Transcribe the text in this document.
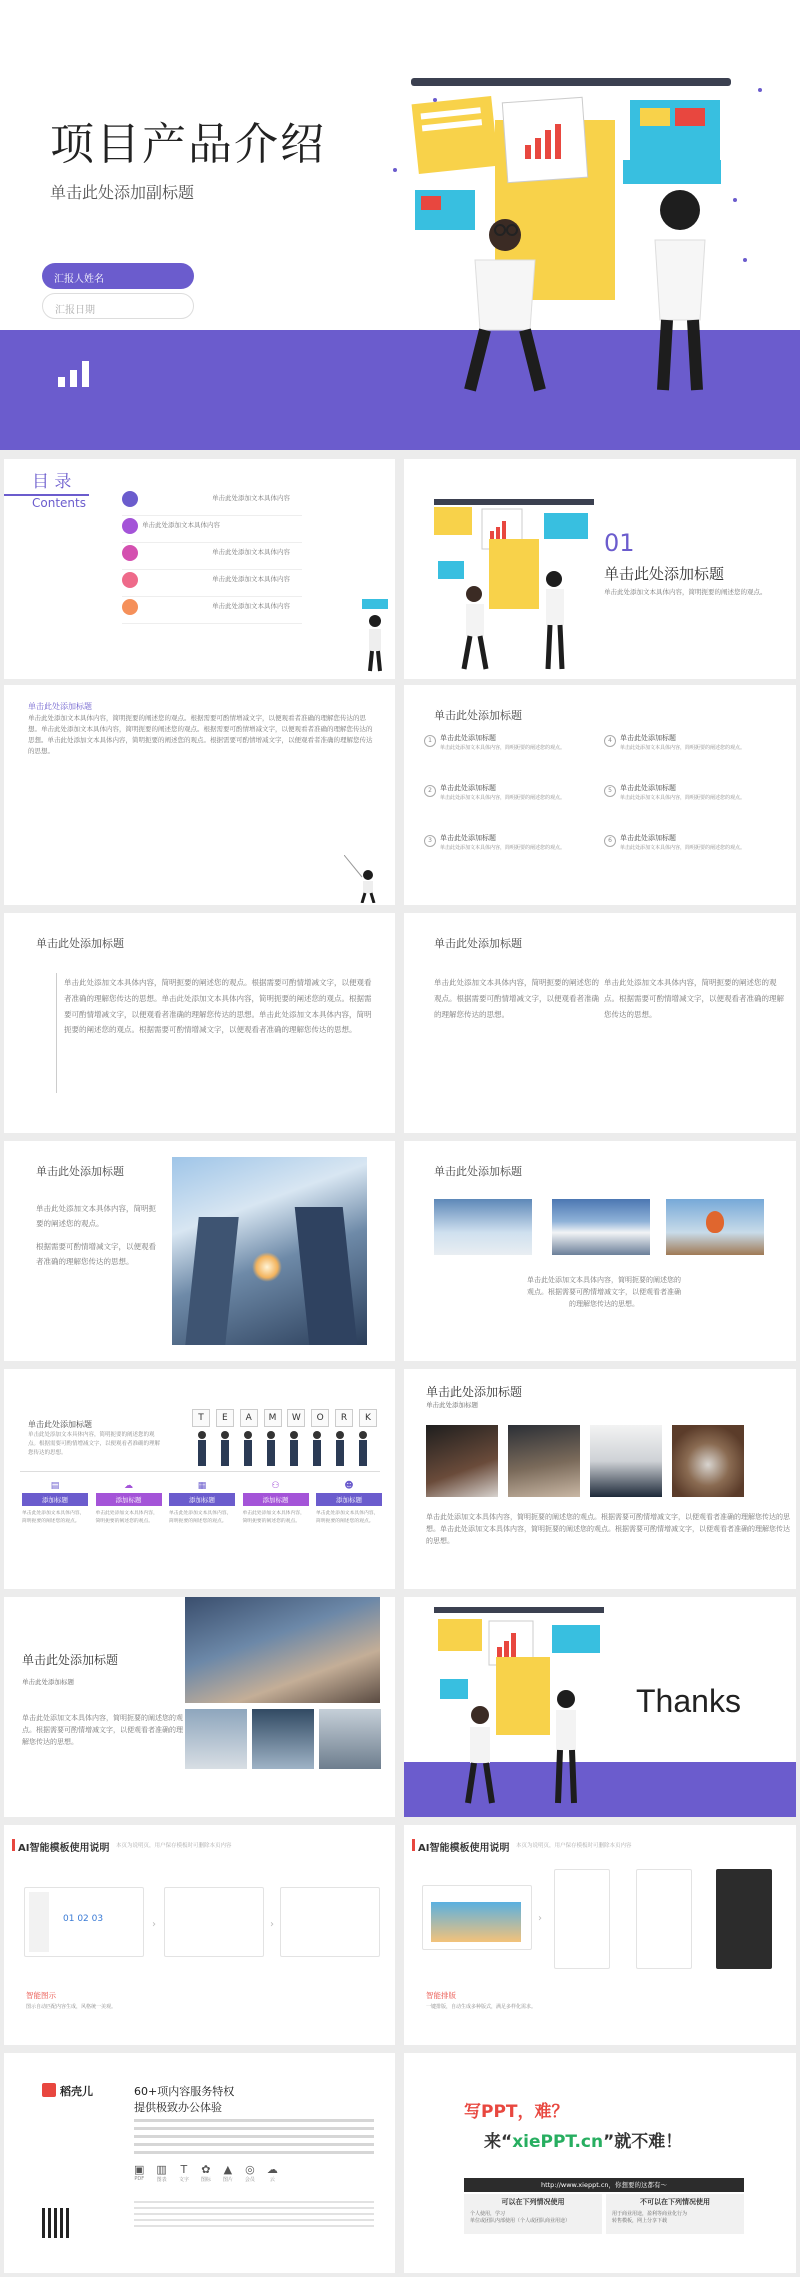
项目产品介绍
单击此处添加副标题
汇报人姓名
汇报日期
目 录
Contents	单击此处添加文本具体内容
单击此处添加文本具体内容
单击此处添加文本具体内容
单击此处添加文本具体内容
单击此处添加文本具体内容
01
单击此处添加标题
单击此处添加文本具体内容，简明扼要的阐述您的观点。
单击此处添加标题
单击此处添加文本具体内容，简明扼要的阐述您的观点。根据需要可酌情增减文字，以便观看者准确的理解您传达的思想。单击此处添加文本具体内容，简明扼要的阐述您的观点。根据需要可酌情增减文字，以便观看者准确的理解您传达的思想。单击此处添加文本具体内容，简明扼要的阐述您的观点。根据需要可酌情增减文字，以便观看者准确的理解您传达的思想。
单击此处添加标题
1	单击此处添加标题
单击此处添加文本具体内容，简明扼要的阐述您的观点。
2	单击此处添加标题
单击此处添加文本具体内容，简明扼要的阐述您的观点。
3	单击此处添加标题
单击此处添加文本具体内容，简明扼要的阐述您的观点。
4	单击此处添加标题
单击此处添加文本具体内容，简明扼要的阐述您的观点。
5	单击此处添加标题
单击此处添加文本具体内容，简明扼要的阐述您的观点。
6	单击此处添加标题
单击此处添加文本具体内容，简明扼要的阐述您的观点。
单击此处添加标题
单击此处添加文本具体内容，简明扼要的阐述您的观点。根据需要可酌情增减文字，以便观看者准确的理解您传达的思想。单击此处添加文本具体内容，简明扼要的阐述您的观点。根据需要可酌情增减文字，以便观看者准确的理解您传达的思想。单击此处添加文本具体内容，简明扼要的阐述您的观点。根据需要可酌情增减文字，以便观看者准确的理解您传达的思想。
单击此处添加标题
单击此处添加文本具体内容，简明扼要的阐述您的观点。根据需要可酌情增减文字，以便观看者准确的理解您传达的思想。
单击此处添加文本具体内容，简明扼要的阐述您的观点。根据需要可酌情增减文字，以便观看者准确的理解您传达的思想。
单击此处添加标题
单击此处添加文本具体内容，简明扼要的阐述您的观点。
根据需要可酌情增减文字，以便观看者准确的理解您传达的思想。
单击此处添加标题
单击此处添加文本具体内容，简明扼要的阐述您的观点。根据需要可酌情增减文字，以便观看者准确的理解您传达的思想。
单击此处添加标题
单击此处添加文本具体内容，简明扼要的阐述您的观点。根据需要可酌情增减文字，以便观看者准确的理解您传达的思想。
T	E	A	M	W	O	R	K
▤
添加标题
单击此处添加文本具体内容，简明扼要的阐述您的观点。
☁
添加标题
单击此处添加文本具体内容，简明扼要的阐述您的观点。
▦
添加标题
单击此处添加文本具体内容，简明扼要的阐述您的观点。
⚇
添加标题
单击此处添加文本具体内容，简明扼要的阐述您的观点。
☻
添加标题
单击此处添加文本具体内容，简明扼要的阐述您的观点。
单击此处添加标题
单击此处添加标题
单击此处添加文本具体内容，简明扼要的阐述您的观点。根据需要可酌情增减文字，以便观看者准确的理解您传达的思想。单击此处添加文本具体内容，简明扼要的阐述您的观点。根据需要可酌情增减文字，以便观看者准确的理解您传达的思想。
单击此处添加标题
单击此处添加标题
单击此处添加文本具体内容，简明扼要的阐述您的观点。根据需要可酌情增减文字，以便观看者准确的理解您传达的思想。
Thanks
AI智能模板使用说明 本页为说明页，用户保存模板时可删除本页内容
01 02 03	›	›
智能图示
图示自动匹配内容生成，风格统一美观。
AI智能模板使用说明 本页为说明页，用户保存模板时可删除本页内容
›
智能排版
一键排版，自动生成多种版式，满足多样化需求。
稻壳儿	60+项内容服务特权
提供极致办公体验
▣
PDF
▥
图表
T
文字
✿
图标
▲
图片
◎
会员
☁
云
写PPT，难？
来“xiePPT.cn”就不难！
http://www.xieppt.cn，你想要的这都有～
可以在下列情况使用
个人使用，学习
单位或团队内部使用（个人或团队商业用途）
不可以在下列情况使用
用于商业用途，盈利等商业化行为
转售模板，网上分享下载
